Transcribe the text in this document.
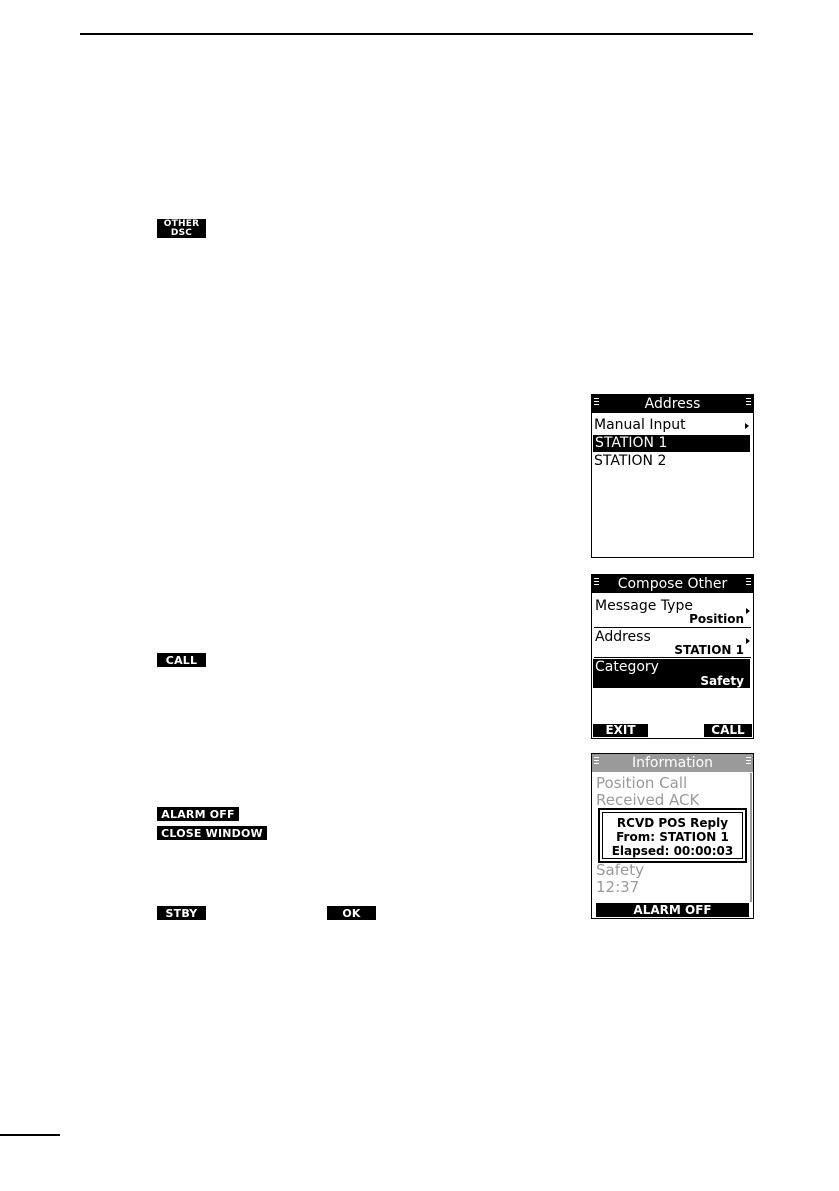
OTHER
DSC
CALL
ALARM OFF
CLOSE WINDOW
STBY	OK
Address
Manual Input
STATION 1
STATION 2
Compose Other
Message Type
Position
Address
STATION 1
Category
Safety
EXIT	CALL
Information
Position Call
Received ACK
RCVD POS Reply
From: STATION 1
Elapsed: 00:00:03
Safety
12:37
ALARM OFF
